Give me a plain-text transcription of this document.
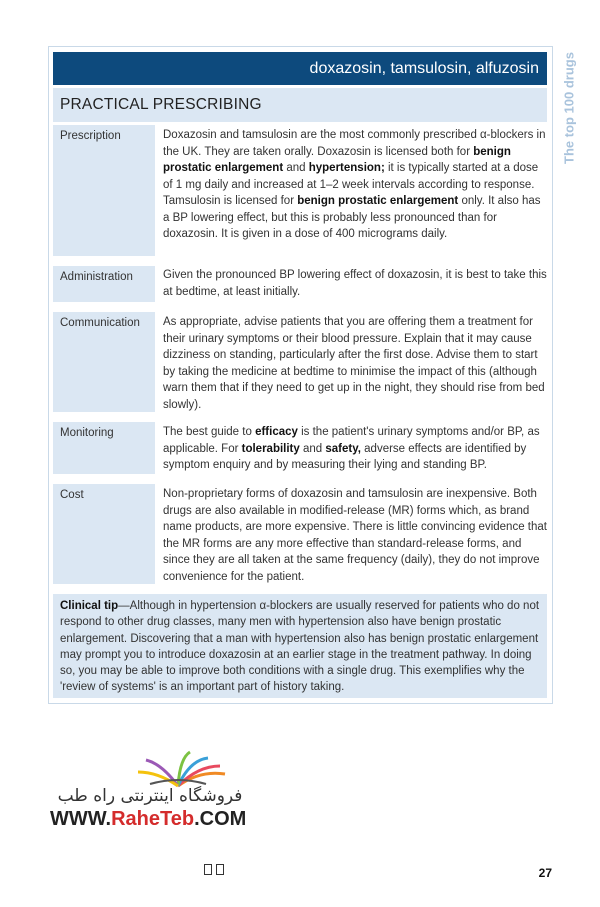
doxazosin, tamsulosin, alfuzosin
PRACTICAL PRESCRIBING	The top 100 drugs
Prescription	Doxazosin and tamsulosin are the most commonly prescribed α-blockers in the UK. They are taken orally. Doxazosin is licensed both for benign prostatic enlargement and hypertension; it is typically started at a dose of 1 mg daily and increased at 1–2 week intervals according to response. Tamsulosin is licensed for benign prostatic enlargement only. It also has a BP lowering effect, but this is probably less pronounced than for doxazosin. It is given in a dose of 400 micrograms daily.
Administration	Given the pronounced BP lowering effect of doxazosin, it is best to take this at bedtime, at least initially.
Communication	As appropriate, advise patients that you are offering them a treatment for their urinary symptoms or their blood pressure. Explain that it may cause dizziness on standing, particularly after the first dose. Advise them to start by taking the medicine at bedtime to minimise the impact of this (although warn them that if they need to get up in the night, they should rise from bed slowly).
Monitoring	The best guide to efficacy is the patient's urinary symptoms and/or BP, as applicable. For tolerability and safety, adverse effects are identified by symptom enquiry and by measuring their lying and standing BP.
Cost	Non-proprietary forms of doxazosin and tamsulosin are inexpensive. Both drugs are also available in modified-release (MR) forms which, as brand name products, are more expensive. There is little convincing evidence that the MR forms are any more effective than standard-release forms, and since they are all taken at the same frequency (daily), they do not improve convenience for the patient.
Clinical tip—Although in hypertension α-blockers are usually reserved for patients who do not respond to other drug classes, many men with hypertension also have benign prostatic enlargement. Discovering that a man with hypertension also has benign prostatic enlargement may prompt you to introduce doxazosin at an earlier stage in the treatment pathway. In doing so, you may be able to improve both conditions with a single drug. This exemplifies why the 'review of systems' is an important part of history taking.
فروشگاه اینترنتی راه طب
WWW.RaheTeb.COM
27
